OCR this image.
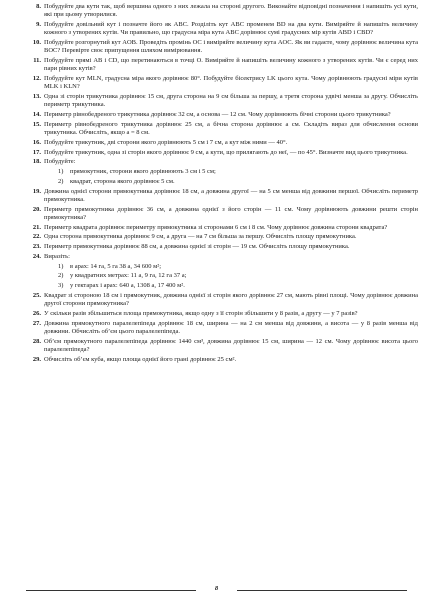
8. Побудуйте два кути так, щоб вершина одного з них лежала на стороні другого. Виконайте відповідні позначення і напишіть усі кути, які при цьому утворилися.
9. Побудуйте довільний кут і позначте його як ABC. Розділіть кут ABC променем BD на два кути. Виміряйте й напишіть величину кожного з утворених кутів. Чи правильно, що градусна міра кута ABC дорівнює сумі градусних мір кутів ABD і CBD?
10. Побудуйте розгорнутий кут AOB. Проведіть промінь OC і виміряйте величину кута AOC. Як ви гадаєте, чому дорівнює величина кута BOC? Перевірте своє припущення шляхом вимірювання.
11. Побудуйте прямі AB і CD, що перетинаються в точці O. Виміряйте й напишіть величину кожного з утворених кутів. Чи є серед них пари рівних кутів?
12. Побудуйте кут MLN, градусна міра якого дорівнює 80°. Побудуйте бісектрису LK цього кута. Чому дорівнюють градусні міри кутів MLK і KLN?
13. Одна зі сторін трикутника дорівнює 15 см, друга сторона на 9 см більша за першу, а третя сторона удвічі менша за другу. Обчисліть периметр трикутника.
14. Периметр рівнобедреного трикутника дорівнює 32 см, а основа — 12 см. Чому дорівнюють бічні сторони цього трикутника?
15. Периметр рівнобедреного трикутника дорівнює 25 см, а бічна сторона дорівнює a см. Складіть вираз для обчислення основи трикутника. Обчисліть, якщо a = 8 см.
16. Побудуйте трикутник, дві сторони якого дорівнюють 5 см і 7 см, а кут між ними — 40°.
17. Побудуйте трикутник, одна зі сторін якого дорівнює 9 см, а кути, що прилягають до неї, — по 45°. Визначте вид цього трикутника.
18. Побудуйте:
1)	прямокутник, сторони якого дорівнюють 3 см і 5 см;
2)	квадрат, сторона якого дорівнює 5 см.
19. Довжина однієї сторони прямокутника дорівнює 18 см, а довжина другої — на 5 см менша від довжини першої. Обчисліть периметр прямокутника.
20. Периметр прямокутника дорівнює 36 см, а довжина однієї з його сторін — 11 см. Чому дорівнюють довжини решти сторін прямокутника?
21. Периметр квадрата дорівнює периметру прямокутника зі сторонами 6 см і 8 см. Чому дорівнює довжина сторони квадрата?
22. Одна сторона прямокутника дорівнює 9 см, а друга — на 7 см більша за першу. Обчисліть площу прямокутника.
23. Периметр прямокутника дорівнює 88 см, а довжина однієї зі сторін — 19 см. Обчисліть площу прямокутника.
24. Виразіть:
1)	в арах: 14 га, 5 га 38 а, 34 600 м²;
2)	у квадратних метрах: 11 а, 9 га, 12 га 37 а;
3)	у гектарах і арах: 640 а, 1308 а, 17 400 м².
25. Квадрат зі стороною 18 см і прямокутник, довжина однієї зі сторін якого дорівнює 27 см, мають рівні площі. Чому дорівнює довжина другої сторони прямокутника?
26. У скільки разів збільшиться площа прямокутника, якщо одну з її сторін збільшити у 8 разів, а другу — у 7 разів?
27. Довжина прямокутного паралелепіпеда дорівнює 18 см, ширина — на 2 см менша від довжини, а висота — у 8 разів менша від довжини. Обчисліть об’єм цього паралелепіпеда.
28. Об’єм прямокутного паралелепіпеда дорівнює 1440 см³, довжина дорівнює 15 см, ширина — 12 см. Чому дорівнює висота цього паралелепіпеда?
29. Обчисліть об’єм куба, якщо площа однієї його грані дорівнює 25 см².
8
